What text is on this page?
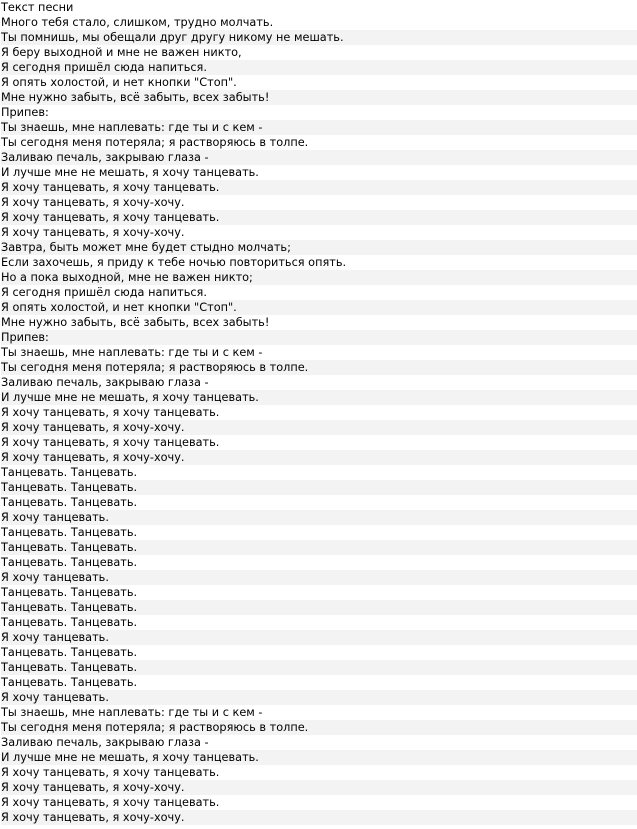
Текст песни
Много тебя стало, слишком, трудно молчать.
Ты помнишь, мы обещали друг другу никому не мешать.
Я беру выходной и мне не важен никто,
Я сегодня пришёл сюда напиться.
Я опять холостой, и нет кнопки "Стоп".
Мне нужно забыть, всё забыть, всех забыть!
Припев:
Ты знаешь, мне наплевать: где ты и с кем -
Ты сегодня меня потеряла; я растворяюсь в толпе.
Заливаю печаль, закрываю глаза -
И лучше мне не мешать, я хочу танцевать.
Я хочу танцевать, я хочу танцевать.
Я хочу танцевать, я хочу-хочу.
Я хочу танцевать, я хочу танцевать.
Я хочу танцевать, я хочу-хочу.
Завтра, быть может мне будет стыдно молчать;
Если захочешь, я приду к тебе ночью повториться опять.
Но а пока выходной, мне не важен никто;
Я сегодня пришёл сюда напиться.
Я опять холостой, и нет кнопки "Стоп".
Мне нужно забыть, всё забыть, всех забыть!
Припев:
Ты знаешь, мне наплевать: где ты и с кем -
Ты сегодня меня потеряла; я растворяюсь в толпе.
Заливаю печаль, закрываю глаза -
И лучше мне не мешать, я хочу танцевать.
Я хочу танцевать, я хочу танцевать.
Я хочу танцевать, я хочу-хочу.
Я хочу танцевать, я хочу танцевать.
Я хочу танцевать, я хочу-хочу.
Танцевать. Танцевать.
Танцевать. Танцевать.
Танцевать. Танцевать.
Я хочу танцевать.
Танцевать. Танцевать.
Танцевать. Танцевать.
Танцевать. Танцевать.
Я хочу танцевать.
Танцевать. Танцевать.
Танцевать. Танцевать.
Танцевать. Танцевать.
Я хочу танцевать.
Танцевать. Танцевать.
Танцевать. Танцевать.
Танцевать. Танцевать.
Я хочу танцевать.
Ты знаешь, мне наплевать: где ты и с кем -
Ты сегодня меня потеряла; я растворяюсь в толпе.
Заливаю печаль, закрываю глаза -
И лучше мне не мешать, я хочу танцевать.
Я хочу танцевать, я хочу танцевать.
Я хочу танцевать, я хочу-хочу.
Я хочу танцевать, я хочу танцевать.
Я хочу танцевать, я хочу-хочу.
